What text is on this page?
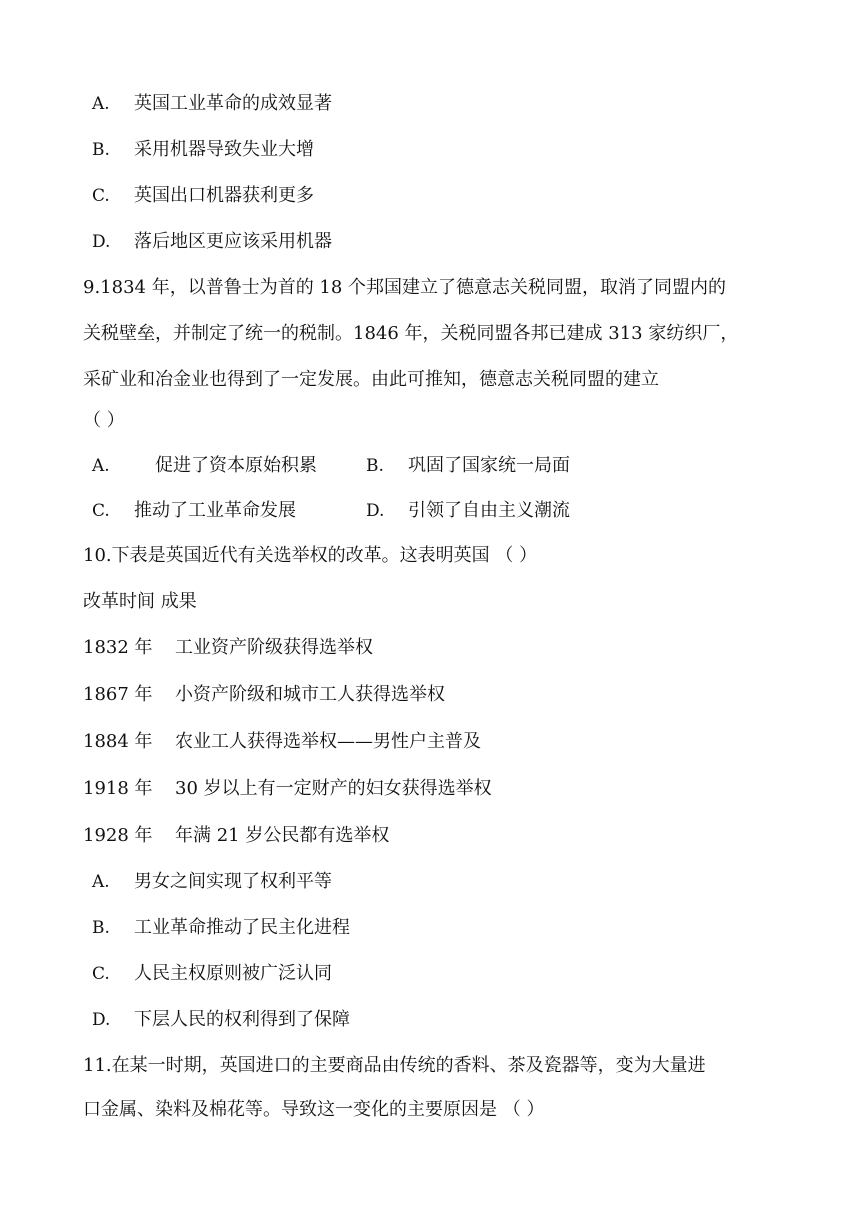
A. 英国工业革命的成效显著
B. 采用机器导致失业大增
C. 英国出口机器获利更多
D. 落后地区更应该采用机器
9.1834 年，以普鲁士为首的 18 个邦国建立了德意志关税同盟，取消了同盟内的
关税壁垒，并制定了统一的税制。1846 年，关税同盟各邦已建成 313 家纺织厂，
采矿业和冶金业也得到了一定发展。由此可推知，德意志关税同盟的建立
（ ）
A.	促进了资本原始积累	B. 巩固了国家统一局面
C. 推动了工业革命发展	D. 引领了自由主义潮流
10.下表是英国近代有关选举权的改革。这表明英国 （ ）
改革时间 成果
1832 年 工业资产阶级获得选举权
1867 年 小资产阶级和城市工人获得选举权
1884 年 农业工人获得选举权——男性户主普及
1918 年 30 岁以上有一定财产的妇女获得选举权
1928 年 年满 21 岁公民都有选举权
A. 男女之间实现了权利平等
B. 工业革命推动了民主化进程
C. 人民主权原则被广泛认同
D. 下层人民的权利得到了保障
11.在某一时期，英国进口的主要商品由传统的香料、茶及瓷器等，变为大量进
口金属、染料及棉花等。导致这一变化的主要原因是 （ ）
